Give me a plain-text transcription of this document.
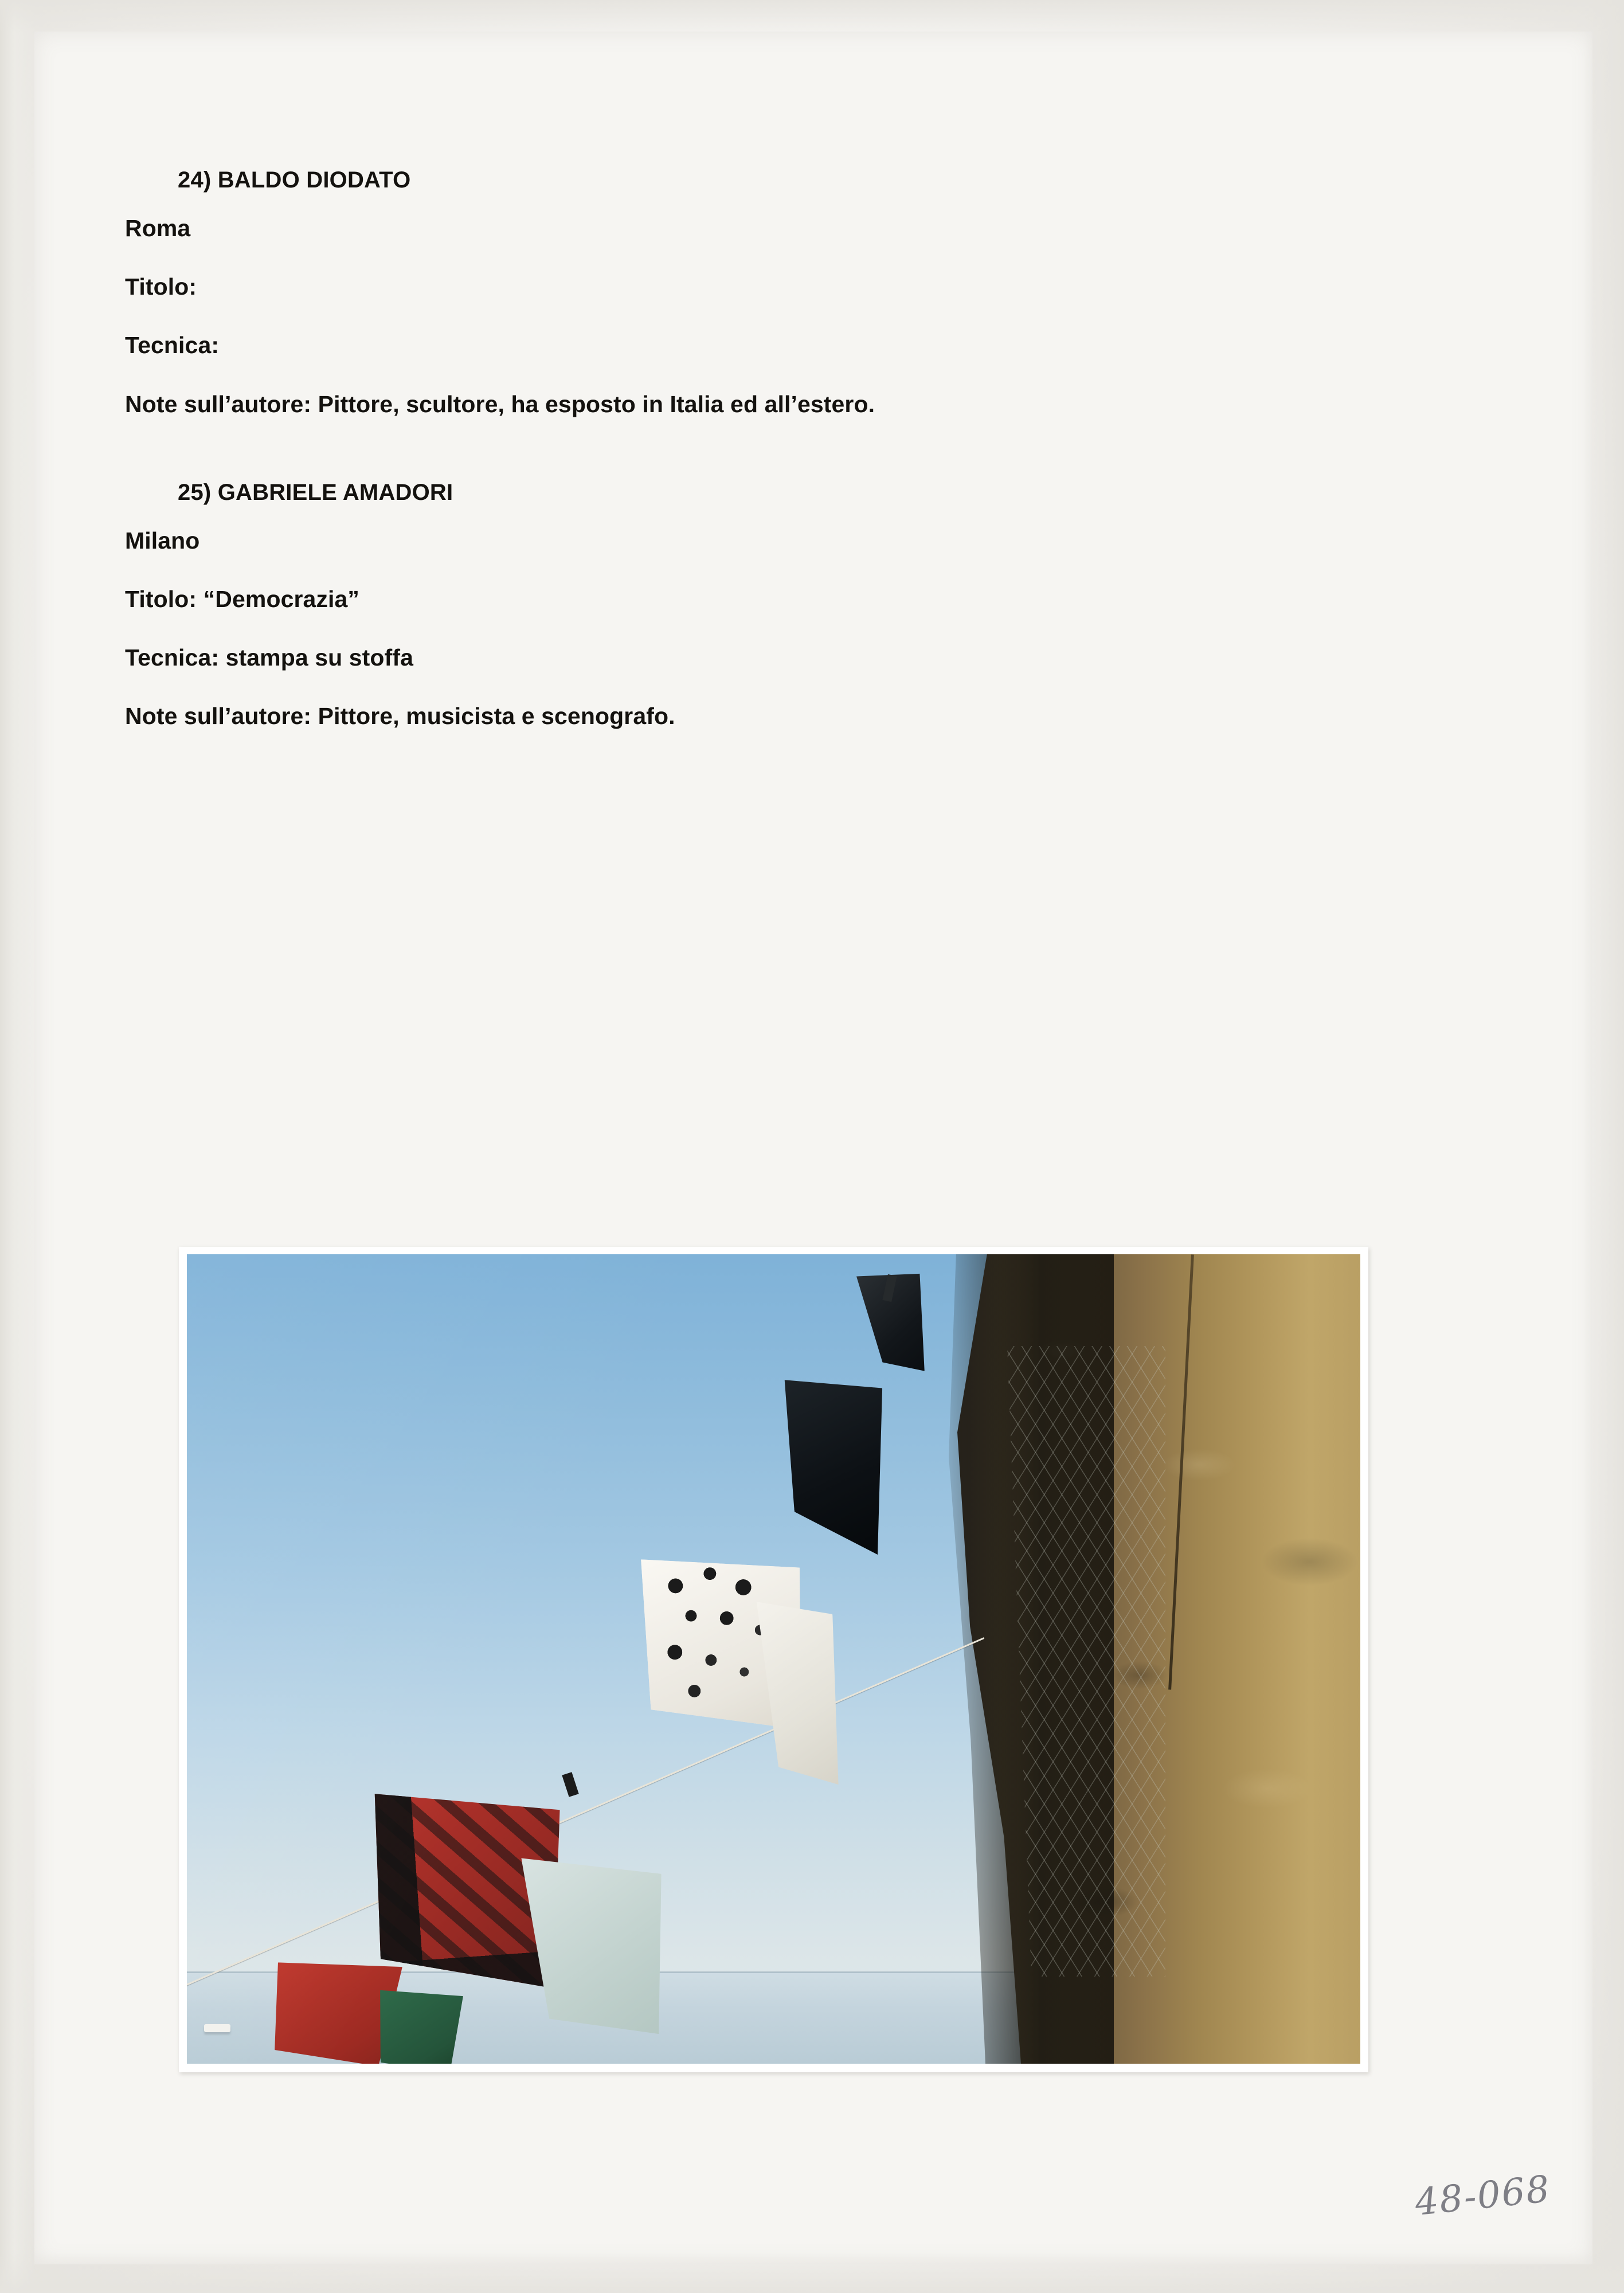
24) BALDO DIODATO

Roma

Titolo:

Tecnica:

Note sull’autore: Pittore, scultore, ha esposto in Italia ed all’estero.

25) GABRIELE AMADORI

Milano

Titolo: “Democrazia”

Tecnica: stampa su stoffa

Note sull’autore: Pittore, musicista e scenografo.

48-068
